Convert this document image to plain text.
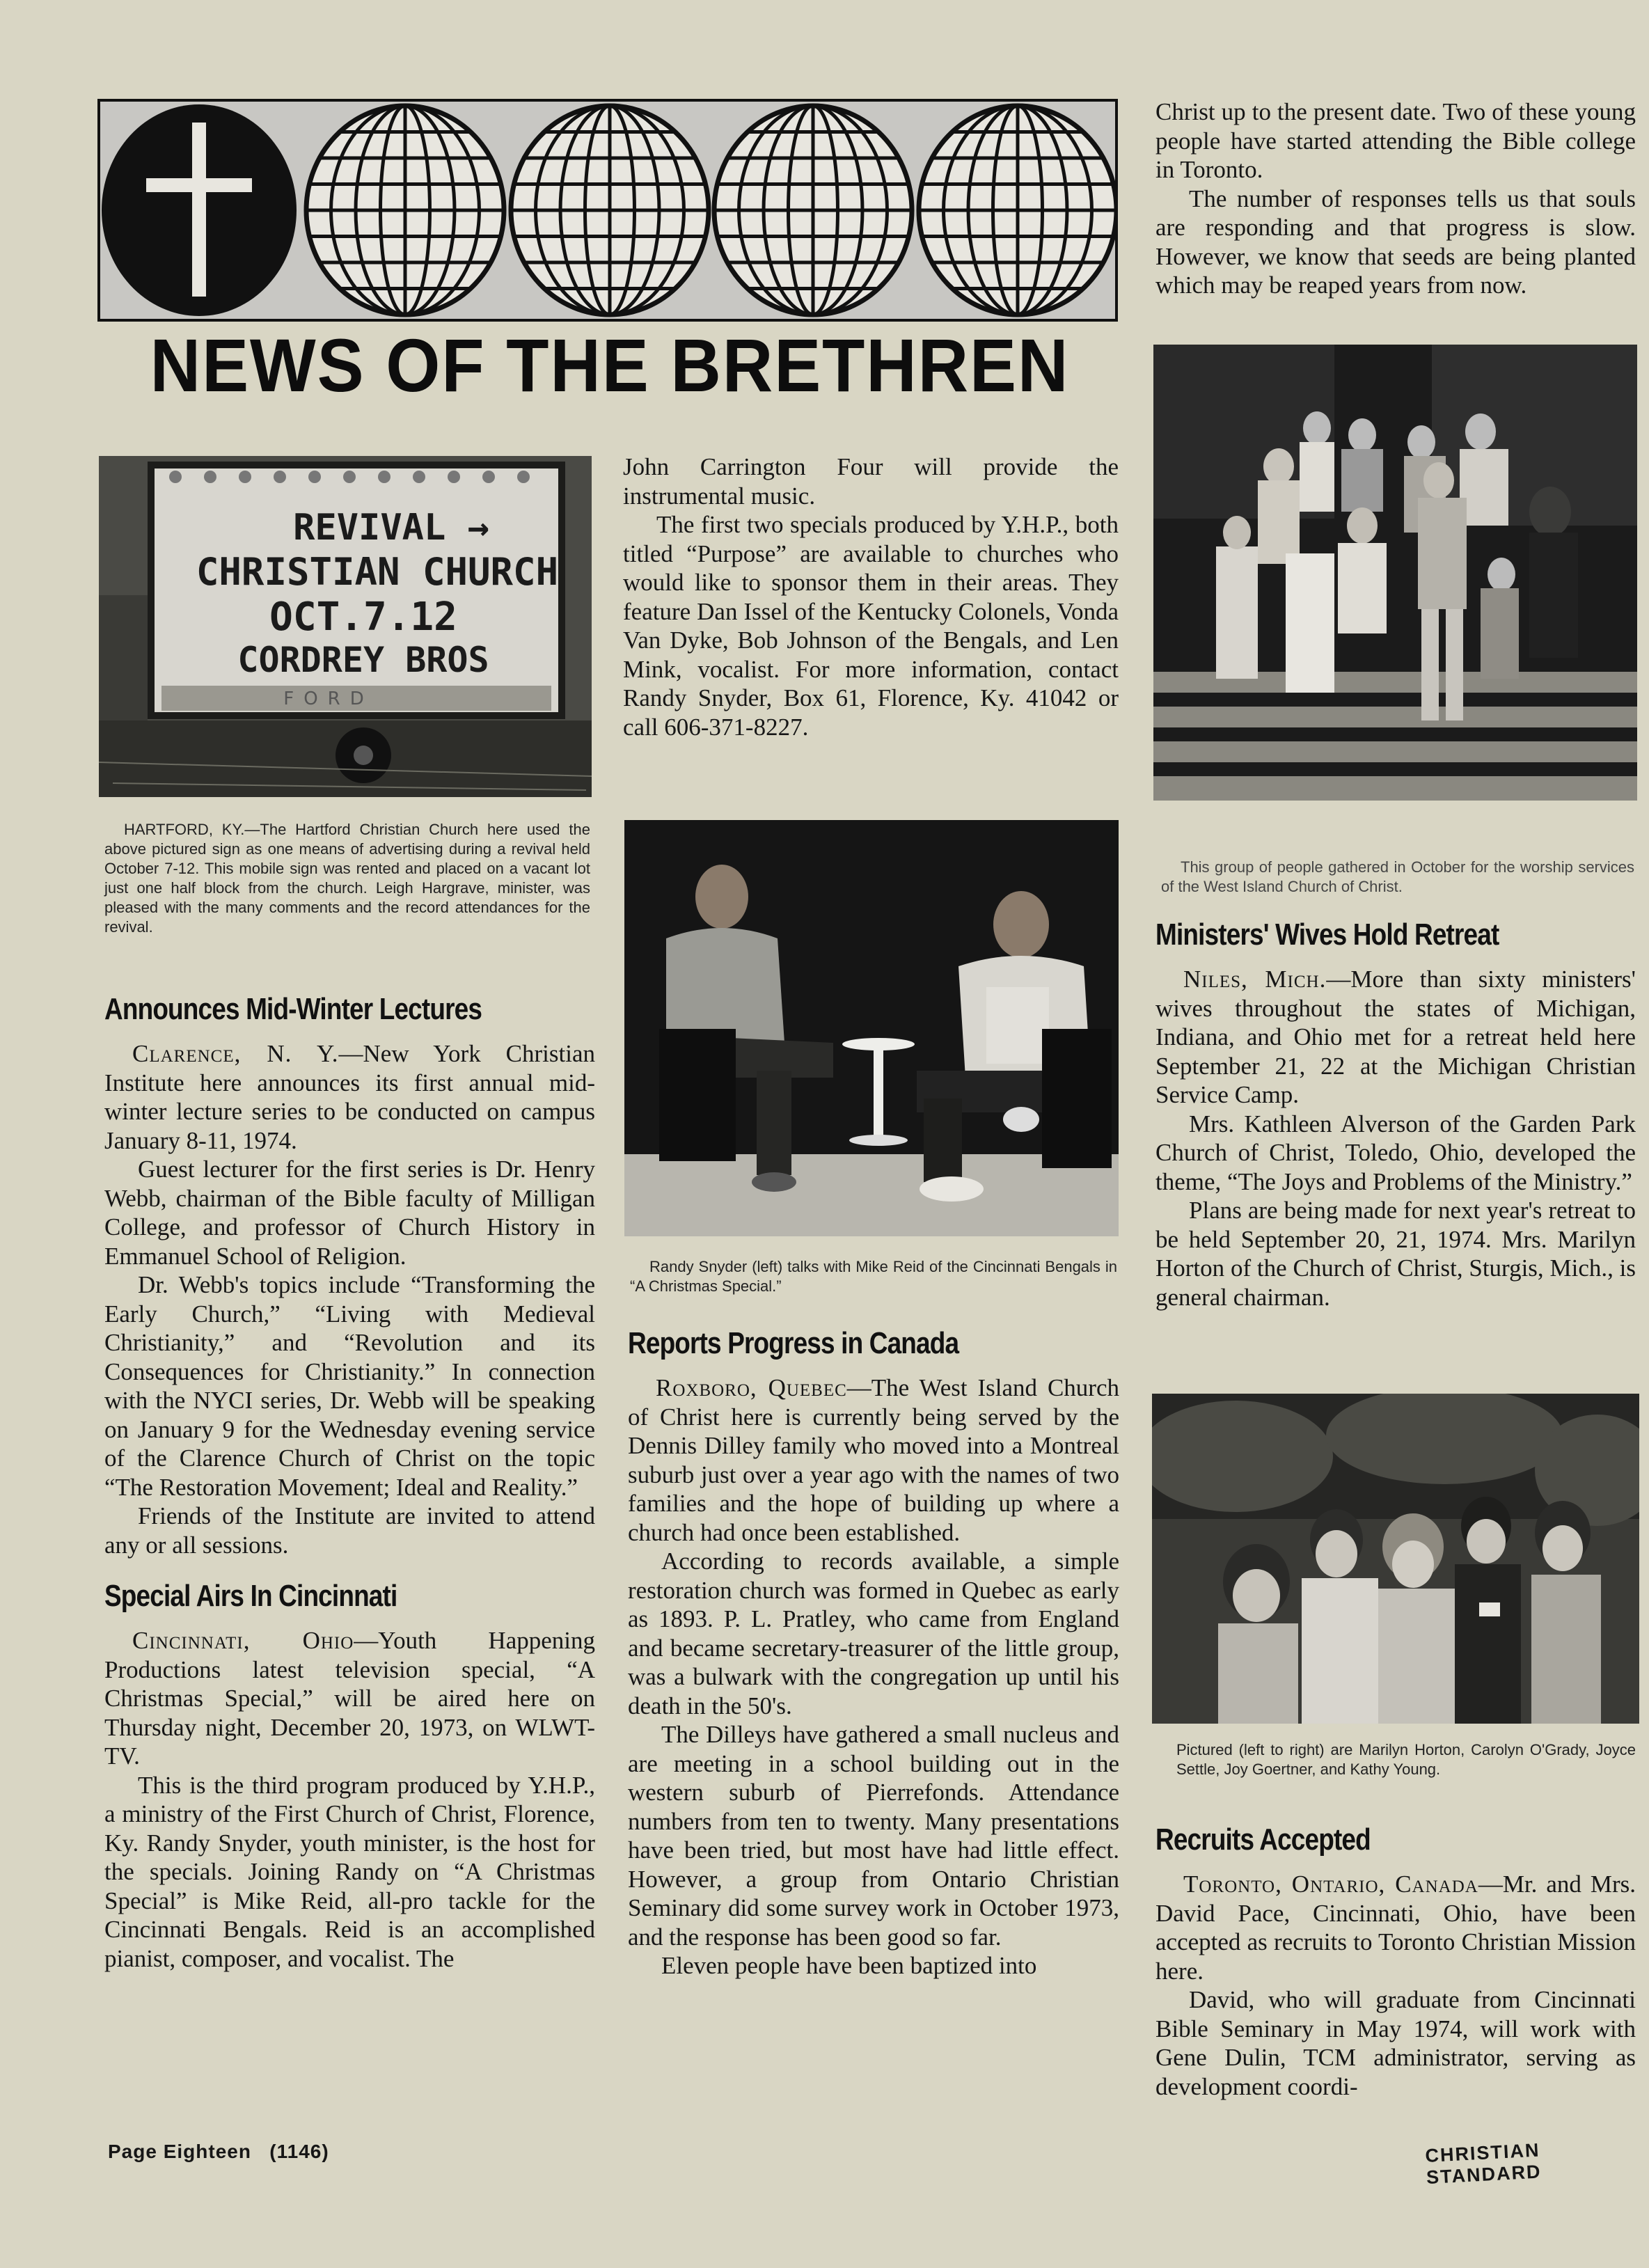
NEWS OF THE BRETHREN
REVIVAL →
CHRISTIAN CHURCH
OCT.7.12
CORDREY BROS
FORD

HARTFORD, KY.—The Hartford Christian Church here used the above pictured sign as one means of advertising during a revival held October 7-12. This mobile sign was rented and placed on a vacant lot just one half block from the church. Leigh Hargrave, minister, was pleased with the many comments and the record attendances for the revival.

Announces Mid-Winter Lectures

Clarence, N. Y.—New York Christian Institute here announces its first annual mid-winter lecture series to be conducted on campus January 8-11, 1974.

Guest lecturer for the first series is Dr. Henry Webb, chairman of the Bible faculty of Milligan College, and professor of Church History in Emmanuel School of Religion.

Dr. Webb's topics include “Transforming the Early Church,” “Living with Medieval Christianity,” and “Revolution and its Consequences for Christianity.” In connection with the NYCI series, Dr. Webb will be speaking on January 9 for the Wednesday evening service of the Clarence Church of Christ on the topic “The Restoration Movement; Ideal and Reality.”

Friends of the Institute are invited to attend any or all sessions.

Special Airs In Cincinnati

Cincinnati, Ohio—Youth Happening Productions latest television special, “A Christmas Special,” will be aired here on Thursday night, December 20, 1973, on WLWT-TV.

This is the third program produced by Y.H.P., a ministry of the First Church of Christ, Florence, Ky. Randy Snyder, youth minister, is the host for the specials. Joining Randy on “A Christmas Special” is Mike Reid, all-pro tackle for the Cincinnati Bengals. Reid is an accomplished pianist, composer, and vocalist. The

John Carrington Four will provide the instrumental music.

The first two specials produced by Y.H.P., both titled “Purpose” are available to churches who would like to sponsor them in their areas. They feature Dan Issel of the Kentucky Colonels, Vonda Van Dyke, Bob Johnson of the Bengals, and Len Mink, vocalist. For more information, contact Randy Snyder, Box 61, Florence, Ky. 41042 or call 606-371-8227.

Randy Snyder (left) talks with Mike Reid of the Cincinnati Bengals in “A Christmas Special.”

Reports Progress in Canada

Roxboro, Quebec—The West Island Church of Christ here is currently being served by the Dennis Dilley family who moved into a Montreal suburb just over a year ago with the names of two families and the hope of building up where a church had once been established.

According to records available, a simple restoration church was formed in Quebec as early as 1893. P. L. Pratley, who came from England and became secretary-treasurer of the little group, was a bulwark with the congregation up until his death in the 50's.

The Dilleys have gathered a small nucleus and are meeting in a school building out in the western suburb of Pierrefonds. Attendance numbers from ten to twenty. Many presentations have been tried, but most have had little effect. However, a group from Ontario Christian Seminary did some survey work in October 1973, and the response has been good so far.

Eleven people have been baptized into

Christ up to the present date. Two of these young people have started attending the Bible college in Toronto.

The number of responses tells us that souls are responding and that progress is slow. However, we know that seeds are being planted which may be reaped years from now.

This group of people gathered in October for the worship services of the West Island Church of Christ.

Ministers' Wives Hold Retreat

Niles, Mich.—More than sixty ministers' wives throughout the states of Michigan, Indiana, and Ohio met for a retreat held here September 21, 22 at the Michigan Christian Service Camp.

Mrs. Kathleen Alverson of the Garden Park Church of Christ, Toledo, Ohio, developed the theme, “The Joys and Problems of the Ministry.”

Plans are being made for next year's retreat to be held September 20, 21, 1974. Mrs. Marilyn Horton of the Church of Christ, Sturgis, Mich., is general chairman.

Pictured (left to right) are Marilyn Horton, Carolyn O'Grady, Joyce Settle, Joy Goertner, and Kathy Young.

Recruits Accepted

Toronto, Ontario, Canada—Mr. and Mrs. David Pace, Cincinnati, Ohio, have been accepted as recruits to Toronto Christian Mission here.

David, who will graduate from Cincinnati Bible Seminary in May 1974, will work with Gene Dulin, TCM administrator, serving as development coordi-

Page Eighteen (1146)	CHRISTIAN STANDARD
